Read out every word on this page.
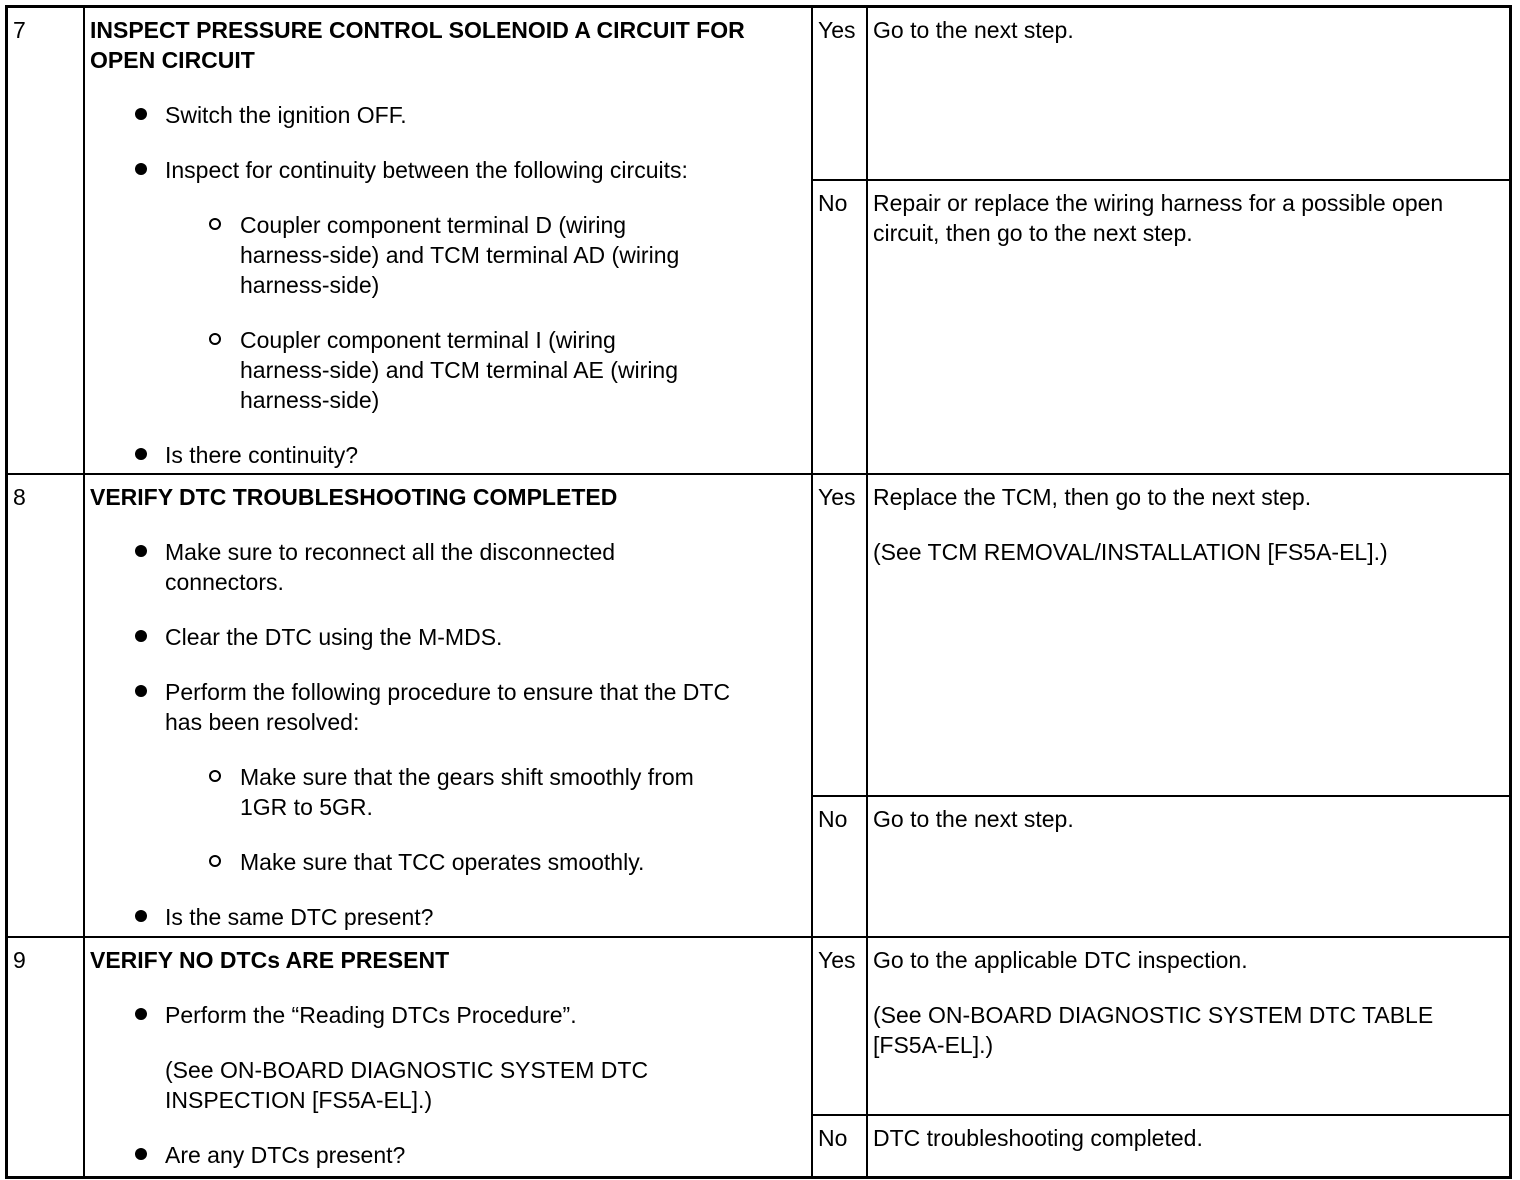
7	INSPECT PRESSURE CONTROL SOLENOID A CIRCUIT FOR
OPEN CIRCUIT
Switch the ignition OFF.
Inspect for continuity between the following circuits:
Coupler component terminal D (wiring
harness-side) and TCM terminal AD (wiring
harness-side)
Coupler component terminal I (wiring
harness-side) and TCM terminal AE (wiring
harness-side)
Is there continuity?
Yes Go to the next step.
No Repair or replace the wiring harness for a possible open
circuit, then go to the next step.
8	VERIFY DTC TROUBLESHOOTING COMPLETED
Make sure to reconnect all the disconnected
connectors.
Clear the DTC using the M-MDS.
Perform the following procedure to ensure that the DTC
has been resolved:
Make sure that the gears shift smoothly from
1GR to 5GR.
Make sure that TCC operates smoothly.
Is the same DTC present?
Yes Replace the TCM, then go to the next step.
(See TCM REMOVAL/INSTALLATION [FS5A-EL].)
No Go to the next step.
9	VERIFY NO DTCs ARE PRESENT
Perform the “Reading DTCs Procedure”.
(See ON-BOARD DIAGNOSTIC SYSTEM DTC
INSPECTION [FS5A-EL].)
Are any DTCs present?
Yes Go to the applicable DTC inspection.
(See ON-BOARD DIAGNOSTIC SYSTEM DTC TABLE
[FS5A-EL].)
No DTC troubleshooting completed.
